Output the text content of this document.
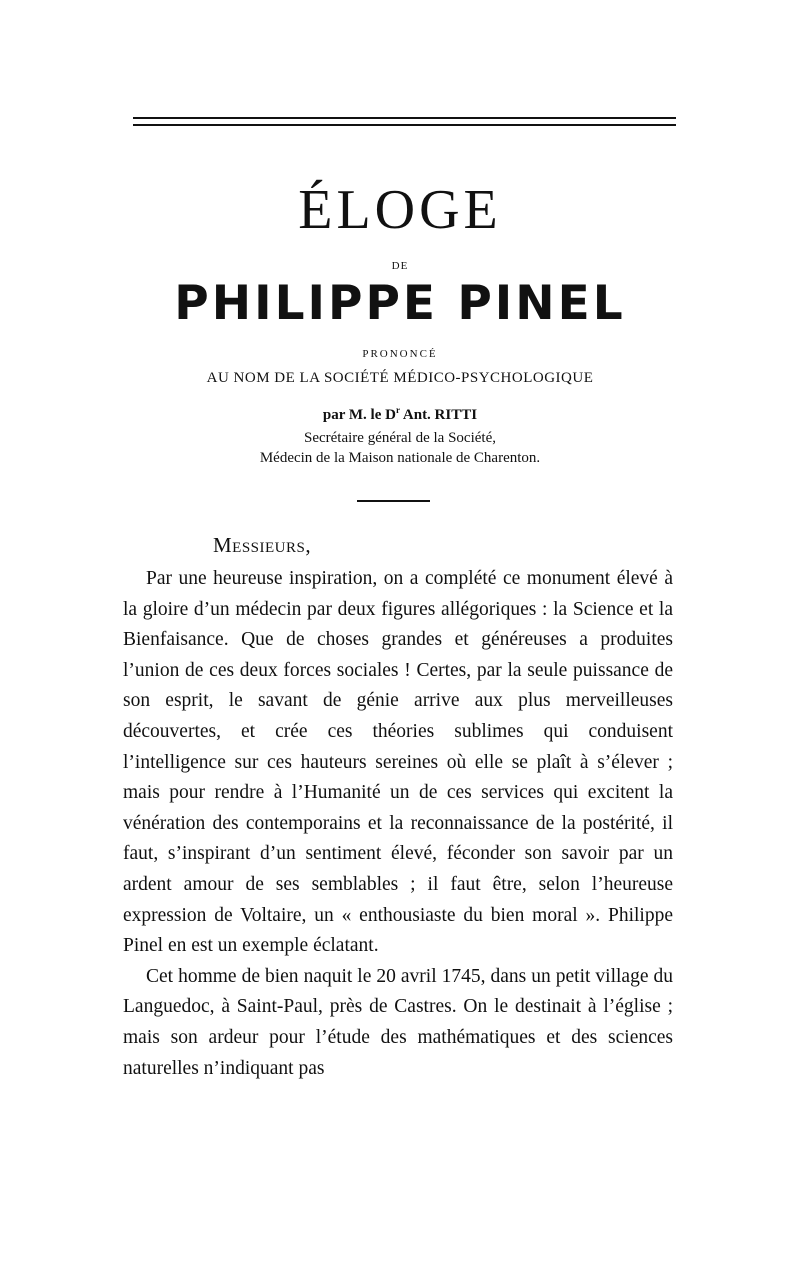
ÉLOGE
DE
PHILIPPE PINEL
PRONONCÉ
AU NOM DE LA SOCIÉTÉ MÉDICO-PSYCHOLOGIQUE
par M. le $D^r$ Ant. RITTI
Secrétaire général de la Société,
Médecin de la Maison nationale de Charenton.
Messieurs,

Par une heureuse inspiration, on a complété ce monument élevé à la gloire d’un médecin par deux figures allégoriques : la Science et la Bienfaisance. Que de choses grandes et généreuses a produites l’union de ces deux forces sociales ! Certes, par la seule puissance de son esprit, le savant de génie arrive aux plus merveilleuses découvertes, et crée ces théories sublimes qui conduisent l’intelligence sur ces hauteurs sereines où elle se plaît à s’élever ; mais pour rendre à l’Humanité un de ces services qui excitent la vénération des contemporains et la reconnaissance de la postérité, il faut, s’inspirant d’un sentiment élevé, féconder son savoir par un ardent amour de ses semblables ; il faut être, selon l’heureuse expression de Voltaire, un « enthousiaste du bien moral ». Philippe Pinel en est un exemple éclatant.

Cet homme de bien naquit le 20 avril 1745, dans un petit village du Languedoc, à Saint-Paul, près de Castres. On le destinait à l’église ; mais son ardeur pour l’étude des mathématiques et des sciences naturelles n’indiquant pas
